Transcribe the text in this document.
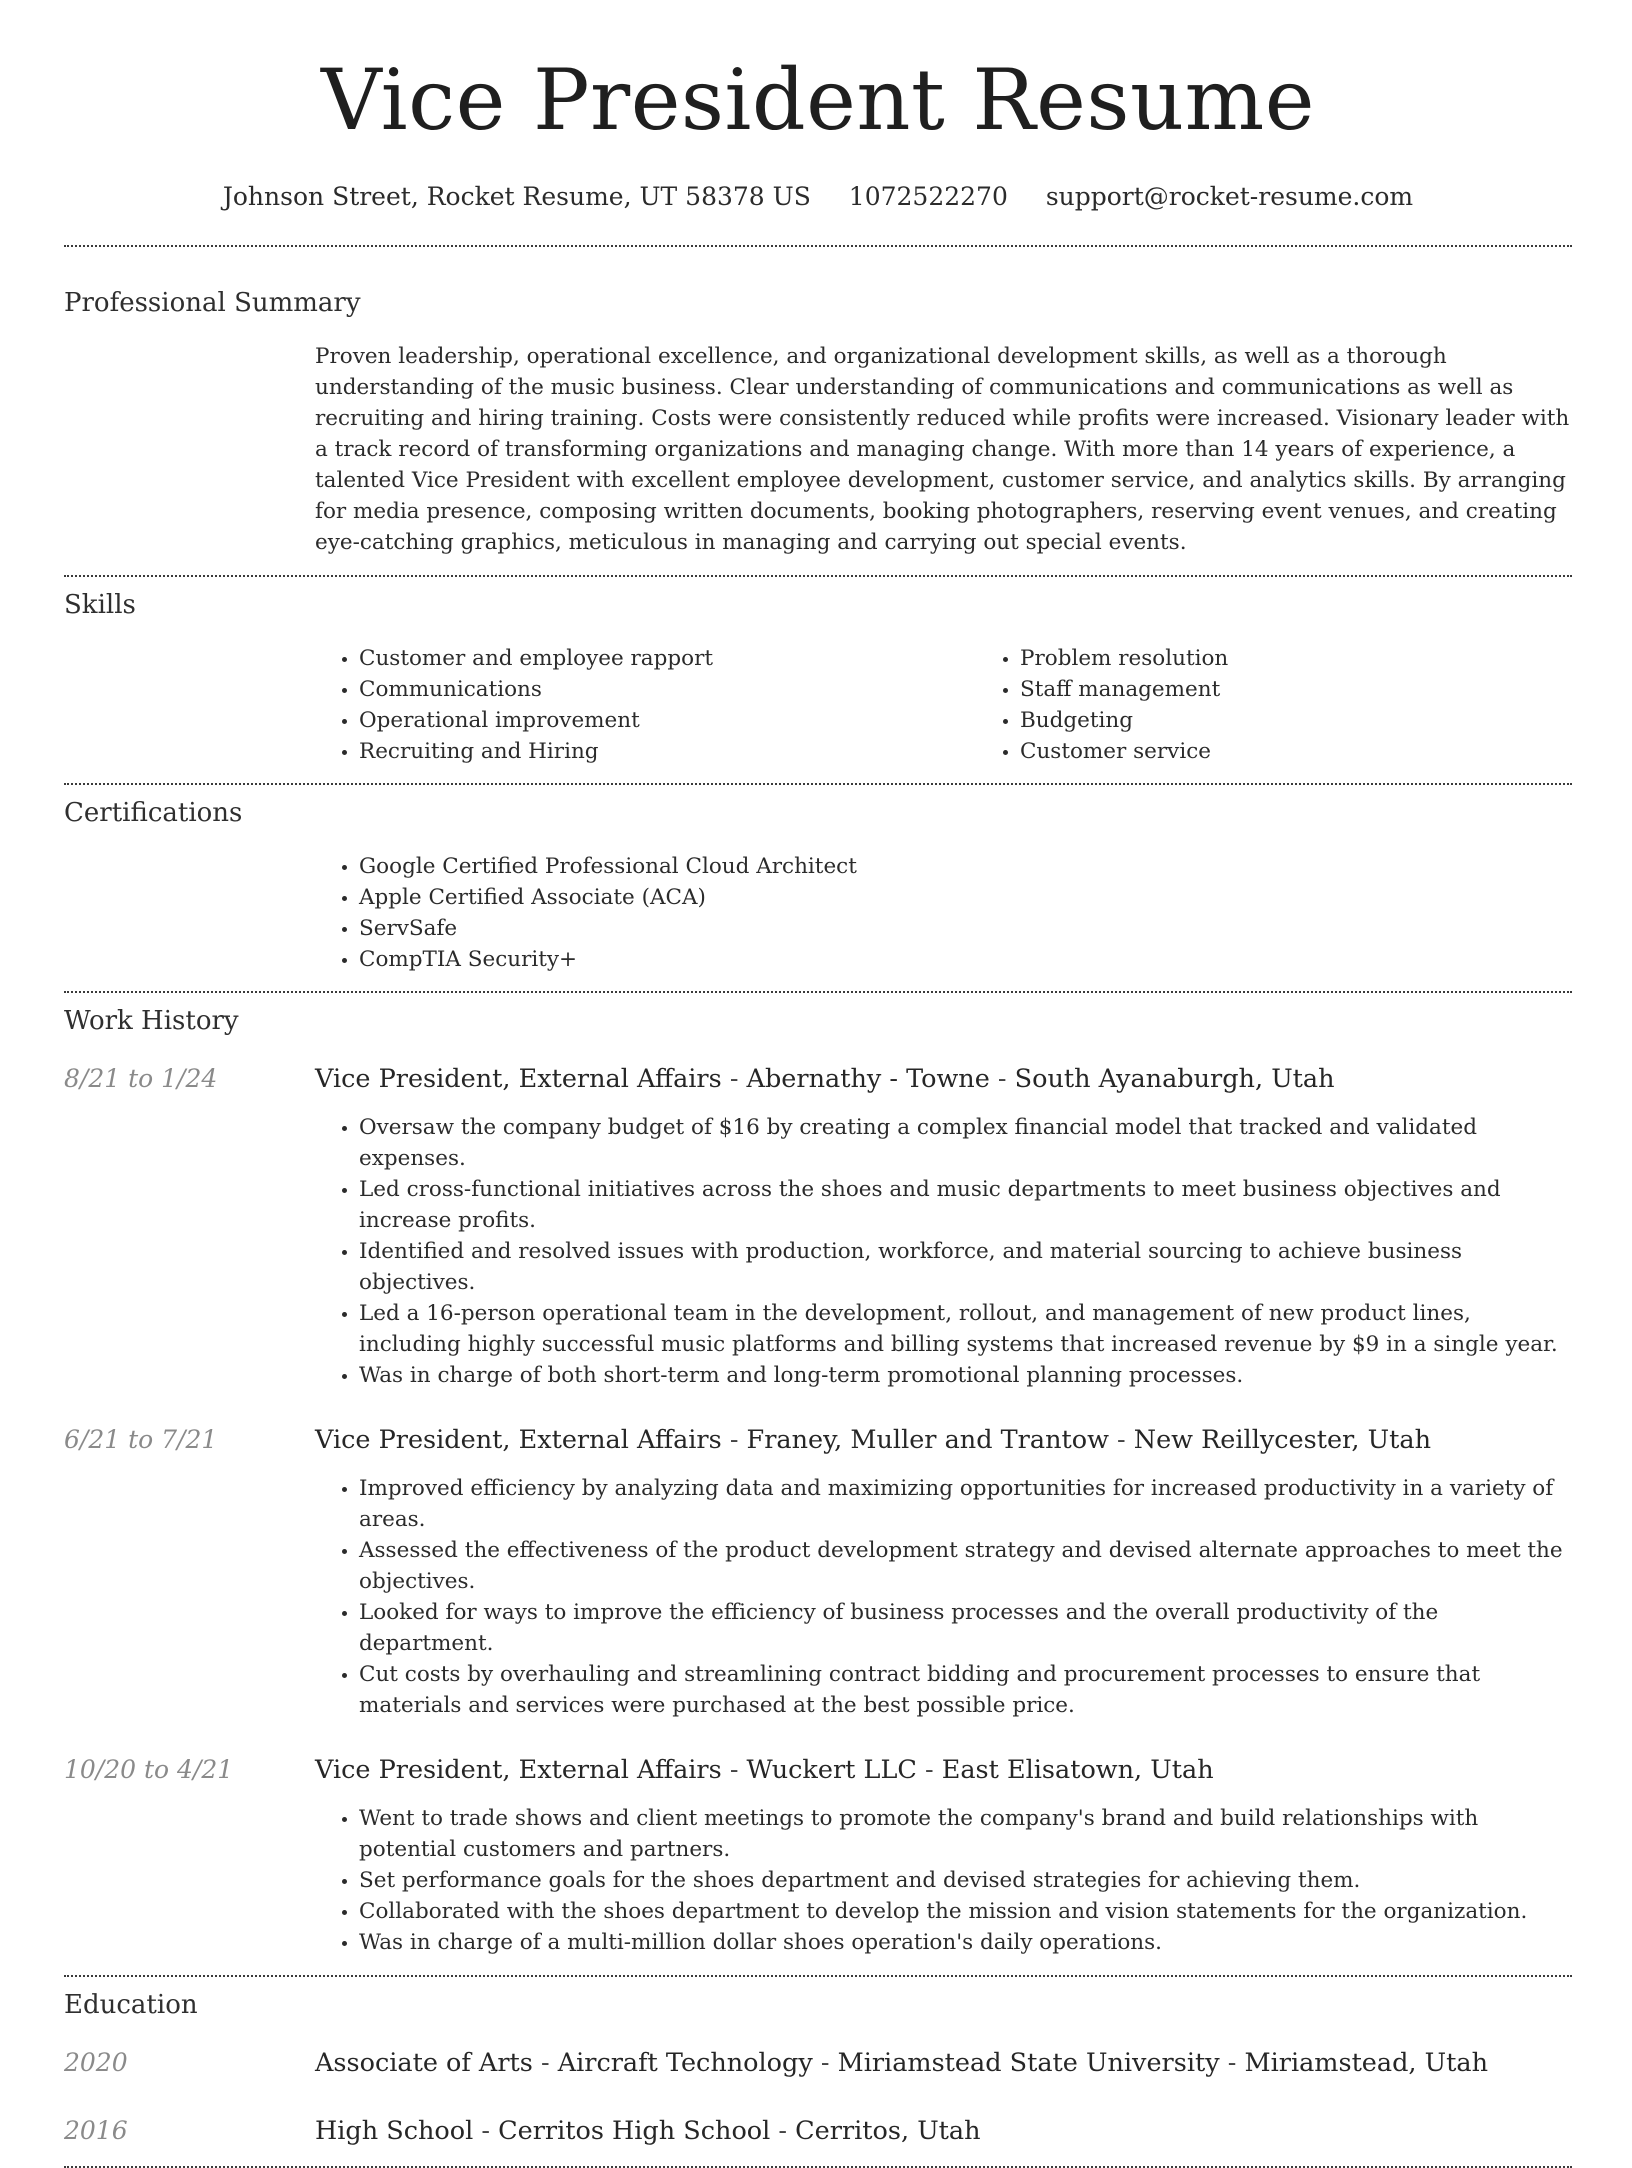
Vice President Resume
Johnson Street, Rocket Resume, UT 58378 US 1072522270 support@rocket-resume.com
Professional Summary

Proven leadership, operational excellence, and organizational development skills, as well as a thorough understanding of the music business. Clear understanding of communications and communications as well as recruiting and hiring training. Costs were consistently reduced while profits were increased. Visionary leader with a track record of transforming organizations and managing change. With more than 14 years of experience, a talented Vice President with excellent employee development, customer service, and analytics skills. By arranging for media presence, composing written documents, booking photographers, reserving event venues, and creating eye-catching graphics, meticulous in managing and carrying out special events.

Skills
• Customer and employee rapport
• Communications
• Operational improvement
• Recruiting and Hiring
• Problem resolution
• Staff management
• Budgeting
• Customer service
Certifications
• Google Certified Professional Cloud Architect
• Apple Certified Associate (ACA)
• ServSafe
• CompTIA Security+
Work History
8/21 to 1/24	Vice President, External Affairs - Abernathy - Towne - South Ayanaburgh, Utah
• Oversaw the company budget of $16 by creating a complex financial model that tracked and validated expenses.
• Led cross-functional initiatives across the shoes and music departments to meet business objectives and increase profits.
• Identified and resolved issues with production, workforce, and material sourcing to achieve business objectives.
• Led a 16-person operational team in the development, rollout, and management of new product lines, including highly successful music platforms and billing systems that increased revenue by $9 in a single year.
• Was in charge of both short-term and long-term promotional planning processes.
6/21 to 7/21	Vice President, External Affairs - Franey, Muller and Trantow - New Reillycester, Utah
• Improved efficiency by analyzing data and maximizing opportunities for increased productivity in a variety of areas.
• Assessed the effectiveness of the product development strategy and devised alternate approaches to meet the objectives.
• Looked for ways to improve the efficiency of business processes and the overall productivity of the department.
• Cut costs by overhauling and streamlining contract bidding and procurement processes to ensure that materials and services were purchased at the best possible price.
10/20 to 4/21	Vice President, External Affairs - Wuckert LLC - East Elisatown, Utah
• Went to trade shows and client meetings to promote the company's brand and build relationships with potential customers and partners.
• Set performance goals for the shoes department and devised strategies for achieving them.
• Collaborated with the shoes department to develop the mission and vision statements for the organization.
• Was in charge of a multi-million dollar shoes operation's daily operations.
Education
2020	Associate of Arts - Aircraft Technology - Miriamstead State University - Miriamstead, Utah
2016	High School - Cerritos High School - Cerritos, Utah
